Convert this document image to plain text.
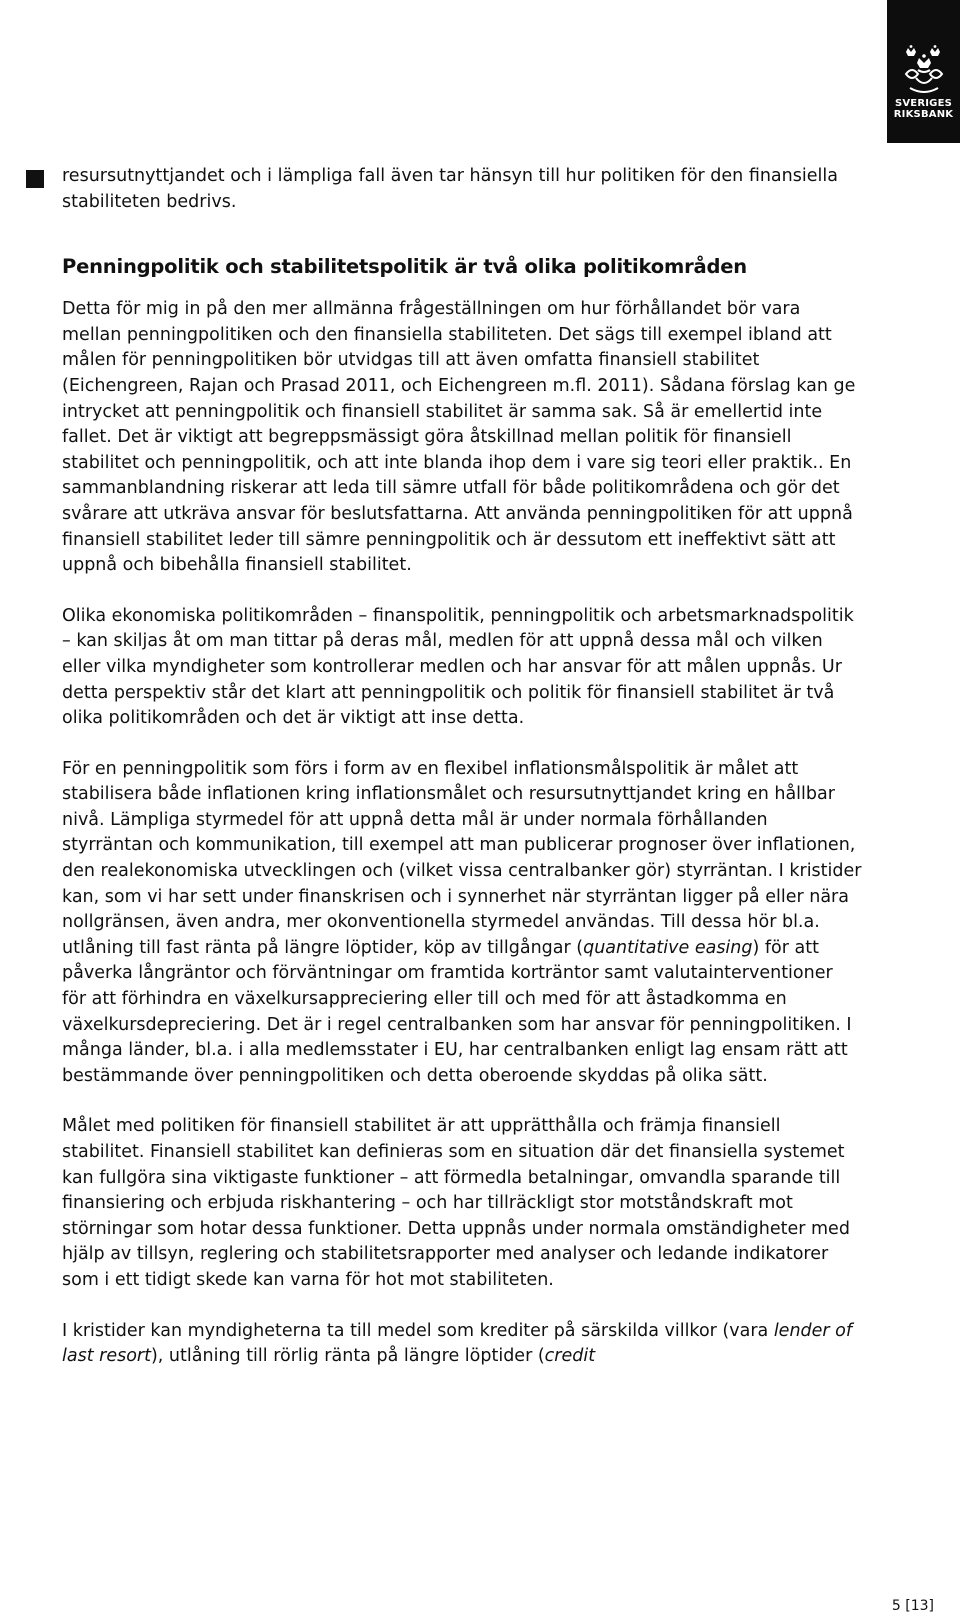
SVERIGES
RIKSBANK

resursutnyttjandet och i lämpliga fall även tar hänsyn till hur politiken för den finansiella stabiliteten bedrivs.

Penningpolitik och stabilitetspolitik är två olika politikområden

Detta för mig in på den mer allmänna frågeställningen om hur förhållandet bör vara mellan penningpolitiken och den finansiella stabiliteten. Det sägs till exempel ibland att målen för penningpolitiken bör utvidgas till att även omfatta finansiell stabilitet (Eichengreen, Rajan och Prasad 2011, och Eichengreen m.fl. 2011). Sådana förslag kan ge intrycket att penningpolitik och finansiell stabilitet är samma sak. Så är emellertid inte fallet. Det är viktigt att begreppsmässigt göra åtskillnad mellan politik för finansiell stabilitet och penningpolitik, och att inte blanda ihop dem i vare sig teori eller praktik.. En sammanblandning riskerar att leda till sämre utfall för både politikområdena och gör det svårare att utkräva ansvar för beslutsfattarna. Att använda penningpolitiken för att uppnå finansiell stabilitet leder till sämre penningpolitik och är dessutom ett ineffektivt sätt att uppnå och bibehålla finansiell stabilitet.

Olika ekonomiska politikområden – finanspolitik, penningpolitik och arbetsmarknadspolitik – kan skiljas åt om man tittar på deras mål, medlen för att uppnå dessa mål och vilken eller vilka myndigheter som kontrollerar medlen och har ansvar för att målen uppnås. Ur detta perspektiv står det klart att penningpolitik och politik för finansiell stabilitet är två olika politikområden och det är viktigt att inse detta.

För en penningpolitik som förs i form av en flexibel inflationsmålspolitik är målet att stabilisera både inflationen kring inflationsmålet och resursutnyttjandet kring en hållbar nivå. Lämpliga styrmedel för att uppnå detta mål är under normala förhållanden styrräntan och kommunikation, till exempel att man publicerar prognoser över inflationen, den realekonomiska utvecklingen och (vilket vissa centralbanker gör) styrräntan. I kristider kan, som vi har sett under finanskrisen och i synnerhet när styrräntan ligger på eller nära nollgränsen, även andra, mer okonventionella styrmedel användas. Till dessa hör bl.a. utlåning till fast ränta på längre löptider, köp av tillgångar (quantitative easing) för att påverka långräntor och förväntningar om framtida korträntor samt valutainterventioner för att förhindra en växelkursappreciering eller till och med för att åstadkomma en växelkursdepreciering. Det är i regel centralbanken som har ansvar för penningpolitiken. I många länder, bl.a. i alla medlemsstater i EU, har centralbanken enligt lag ensam rätt att bestämmande över penningpolitiken och detta oberoende skyddas på olika sätt.

Målet med politiken för finansiell stabilitet är att upprätthålla och främja finansiell stabilitet. Finansiell stabilitet kan definieras som en situation där det finansiella systemet kan fullgöra sina viktigaste funktioner – att förmedla betalningar, omvandla sparande till finansiering och erbjuda riskhantering – och har tillräckligt stor motståndskraft mot störningar som hotar dessa funktioner. Detta uppnås under normala omständigheter med hjälp av tillsyn, reglering och stabilitetsrapporter med analyser och ledande indikatorer som i ett tidigt skede kan varna för hot mot stabiliteten.

I kristider kan myndigheterna ta till medel som krediter på särskilda villkor (vara lender of last resort), utlåning till rörlig ränta på längre löptider (credit

5 [13]
